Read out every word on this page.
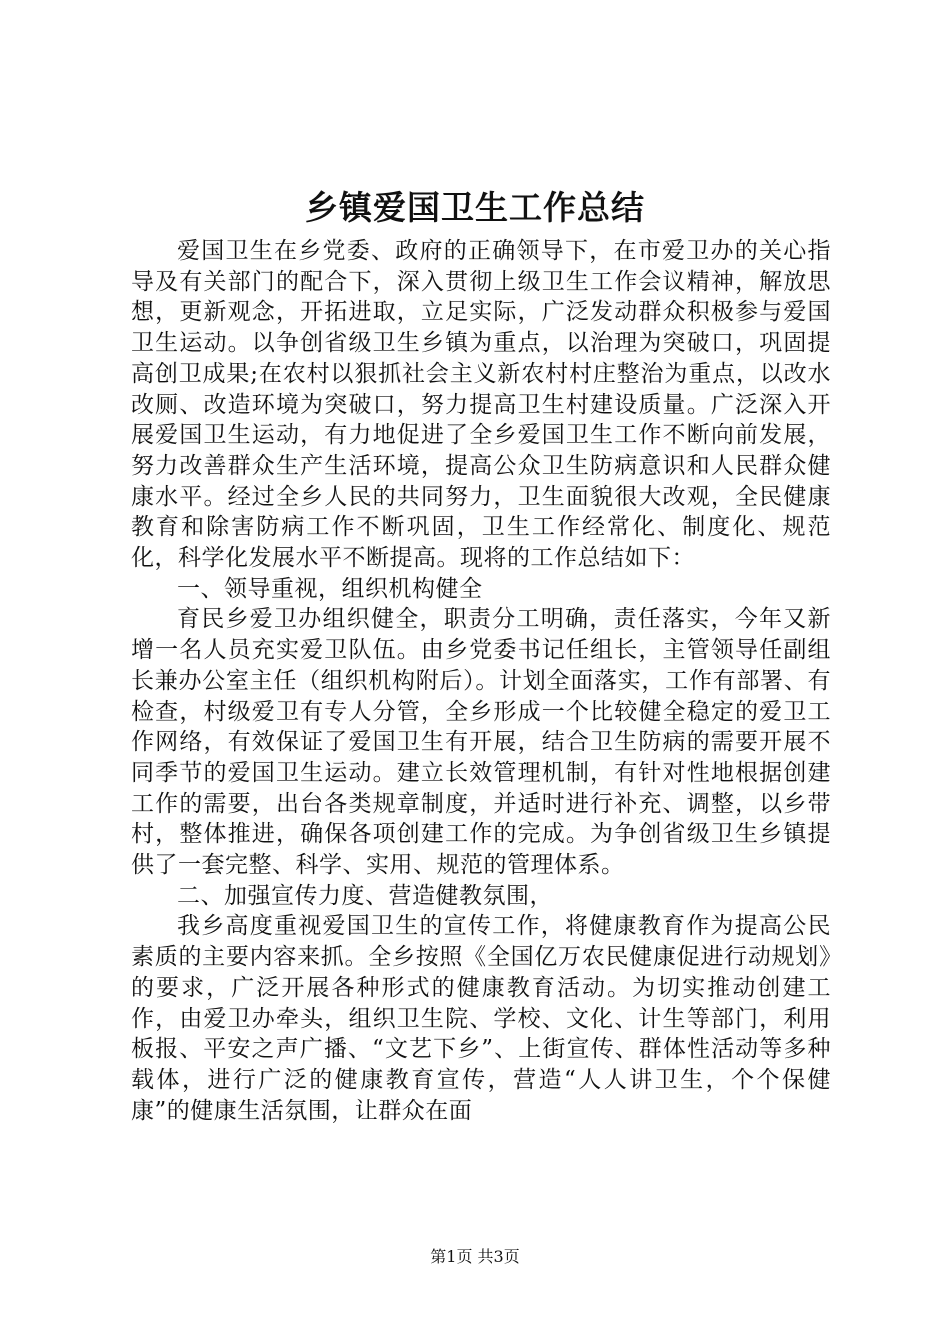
乡镇爱国卫生工作总结

爱国卫生在乡党委、政府的正确领导下，在市爱卫办的关心指导及有关部门的配合下，深入贯彻上级卫生工作会议精神，解放思想，更新观念，开拓进取，立足实际，广泛发动群众积极参与爱国卫生运动。以争创省级卫生乡镇为重点，以治理为突破口，巩固提高创卫成果;在农村以狠抓社会主义新农村村庄整治为重点，以改水改厕、改造环境为突破口，努力提高卫生村建设质量。广泛深入开展爱国卫生运动，有力地促进了全乡爱国卫生工作不断向前发展，努力改善群众生产生活环境，提高公众卫生防病意识和人民群众健康水平。经过全乡人民的共同努力，卫生面貌很大改观，全民健康教育和除害防病工作不断巩固，卫生工作经常化、制度化、规范化，科学化发展水平不断提高。现将的工作总结如下：

一、领导重视，组织机构健全

育民乡爱卫办组织健全，职责分工明确，责任落实，今年又新增一名人员充实爱卫队伍。由乡党委书记任组长，主管领导任副组长兼办公室主任（组织机构附后）。计划全面落实，工作有部署、有检查，村级爱卫有专人分管，全乡形成一个比较健全稳定的爱卫工作网络，有效保证了爱国卫生有开展，结合卫生防病的需要开展不同季节的爱国卫生运动。建立长效管理机制，有针对性地根据创建工作的需要，出台各类规章制度，并适时进行补充、调整，以乡带村，整体推进，确保各项创建工作的完成。为争创省级卫生乡镇提供了一套完整、科学、实用、规范的管理体系。

二、加强宣传力度、营造健教氛围，

我乡高度重视爱国卫生的宣传工作，将健康教育作为提高公民素质的主要内容来抓。全乡按照《全国亿万农民健康促进行动规划》的要求，广泛开展各种形式的健康教育活动。为切实推动创建工作，由爱卫办牵头，组织卫生院、学校、文化、计生等部门，利用板报、平安之声广播、“文艺下乡”、上街宣传、群体性活动等多种载体，进行广泛的健康教育宣传，营造“人人讲卫生，个个保健康”的健康生活氛围，让群众在面

第1页 共3页
